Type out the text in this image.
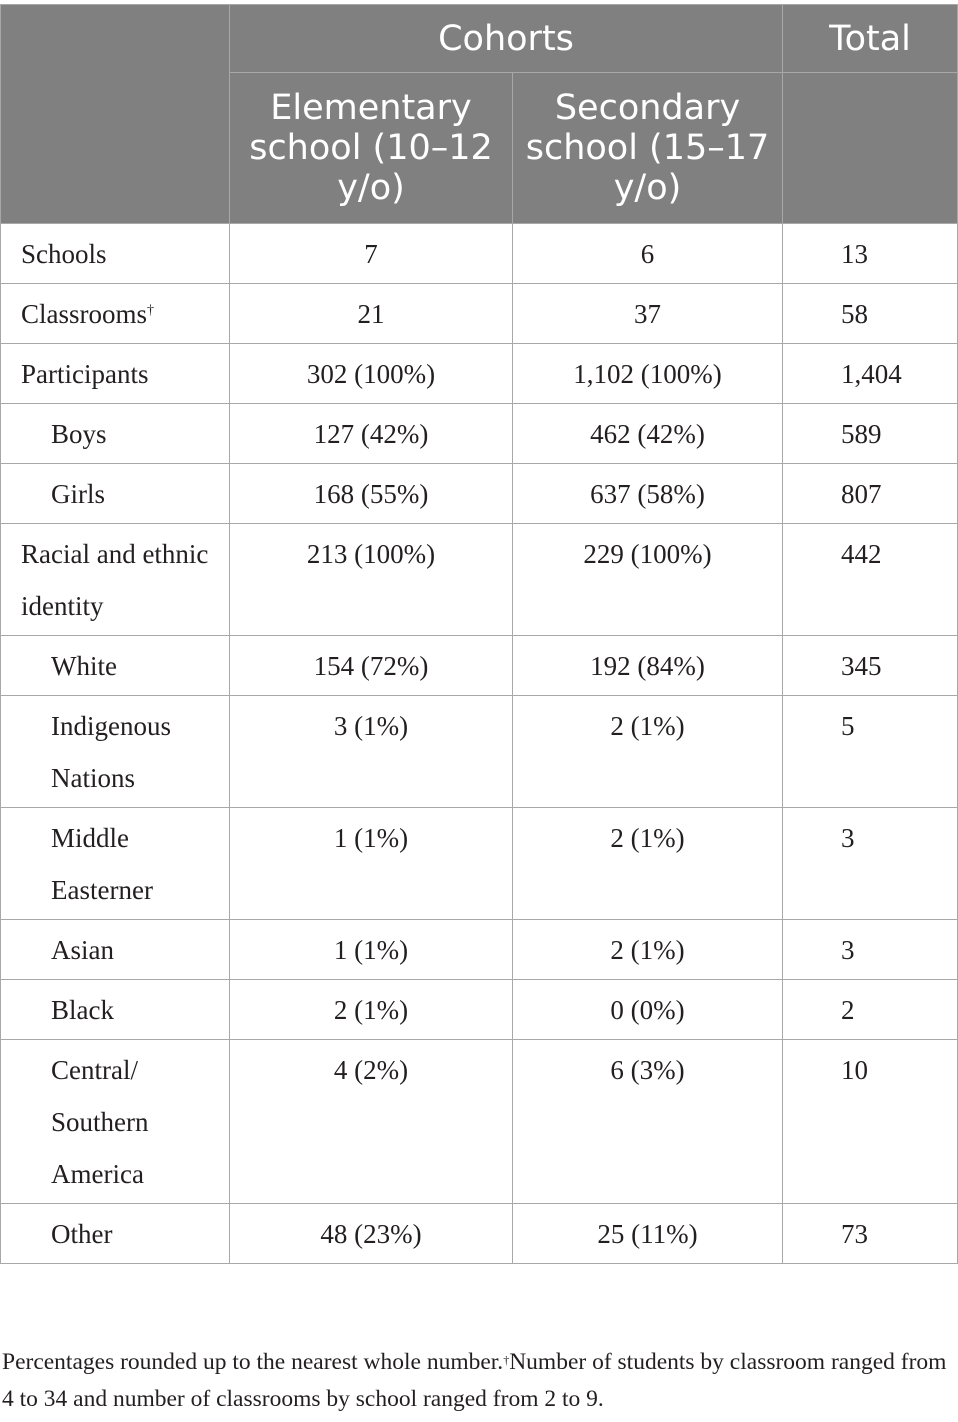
	Cohorts		Total
	Elementary school (10–12 y/o)	Secondary school (15–17 y/o)	
Schools	7	6	13
Classrooms†	21	37	58
Participants	302 (100%)	1,102 (100%)	1,404
Boys	127 (42%)	462 (42%)	589
Girls	168 (55%)	637 (58%)	807
Racial and ethnic identity	213 (100%)	229 (100%)	442
White	154 (72%)	192 (84%)	345
Indigenous Nations	3 (1%)	2 (1%)	5
Middle Easterner	1 (1%)	2 (1%)	3
Asian	1 (1%)	2 (1%)	3
Black	2 (1%)	0 (0%)	2
Central/ Southern America	4 (2%)	6 (3%)	10
Other	48 (23%)	25 (11%)	73
Percentages rounded up to the nearest whole number.†Number of students by classroom ranged from 4 to 34 and number of classrooms by school ranged from 2 to 9.
